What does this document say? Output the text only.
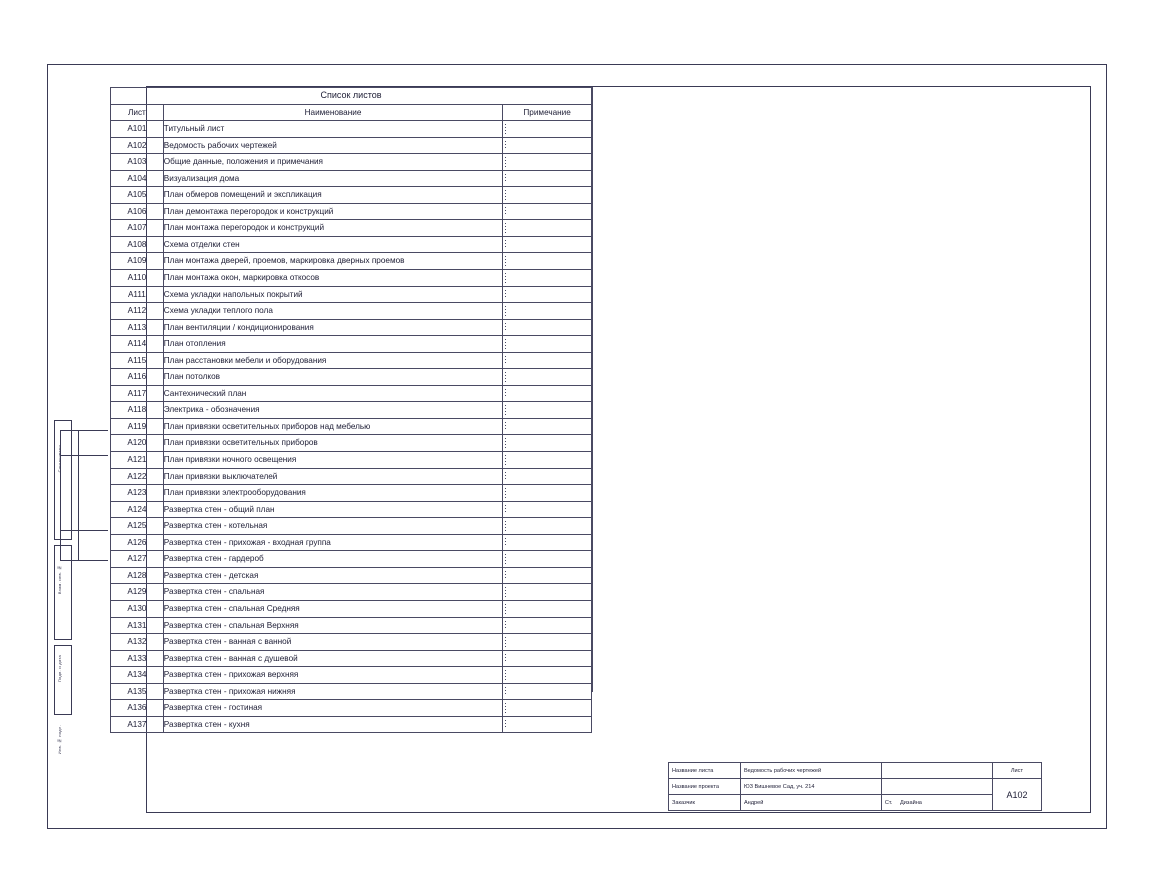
Взам. инв. №
Подп. и дата
Инв. № подл.
Список листов		
Лист	Наименование	Примечание
A101	Титульный лист	
A102	Ведомость рабочих чертежей	
A103	Общие данные, положения и примечания	
A104	Визуализация дома	
A105	План обмеров помещений и экспликация	
A106	План демонтажа перегородок и конструкций	
A107	План монтажа перегородок и конструкций	
A108	Схема отделки стен	
A109	План монтажа дверей, проемов, маркировка дверных проемов	
A110	План монтажа окон, маркировка откосов	
A111	Схема укладки напольных покрытий	
A112	Схема укладки теплого пола	
A113	План вентиляции / кондиционирования	
A114	План отопления	
A115	План расстановки мебели и оборудования	
A116	План потолков	
A117	Сантехнический план	
A118	Электрика - обозначения	
A119	План привязки осветительных приборов над мебелью	
A120	План привязки осветительных приборов	
A121	План привязки ночного освещения	
A122	План привязки выключателей	
A123	План привязки электрооборудования	
A124	Развертка стен - общий план	
A125	Развертка стен - котельная	
A126	Развертка стен - прихожая - входная группа	
A127	Развертка стен - гардероб	
A128	Развертка стен - детская	
A129	Развертка стен - спальная	
A130	Развертка стен - спальная Средняя	
A131	Развертка стен - спальная Верхняя	
A132	Развертка стен - ванная с ванной	
A133	Развертка стен - ванная с душевой	
A134	Развертка стен - прихожая верхняя	
A135	Развертка стен - прихожая нижняя	
A136	Развертка стен - гостиная	
A137	Развертка стен - кухня	
Название листа	Ведомость рабочих чертежей		Лист
Название проекта	ЮЗ Вишневое Сад, уч. 214		A102
Заказчик	Андрей	Ст. Дизайна	
